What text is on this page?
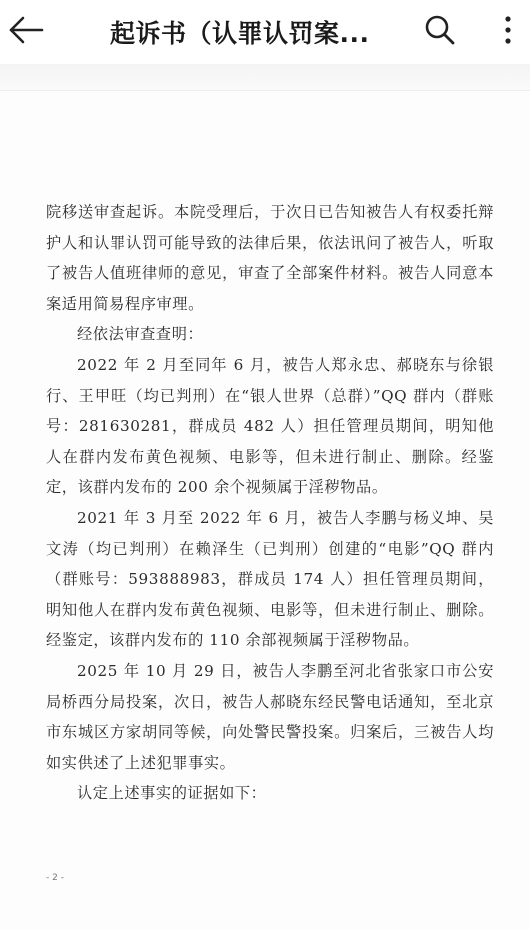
起诉书（认罪认罚案...

院移送审查起诉。本院受理后，于次日已告知被告人有权委托辩护人和认罪认罚可能导致的法律后果，依法讯问了被告人，听取了被告人值班律师的意见，审查了全部案件材料。被告人同意本案适用简易程序审理。

经依法审查查明：

2022 年 2 月至同年 6 月，被告人郑永忠、郝晓东与徐银行、王甲旺（均已判刑）在“银人世界（总群）”QQ 群内（群账号：281630281，群成员 482 人）担任管理员期间，明知他人在群内发布黄色视频、电影等，但未进行制止、删除。经鉴定，该群内发布的 200 余个视频属于淫秽物品。

2021 年 3 月至 2022 年 6 月，被告人李鹏与杨义坤、吴文涛（均已判刑）在赖泽生（已判刑）创建的“电影”QQ 群内（群账号：593888983，群成员 174 人）担任管理员期间，明知他人在群内发布黄色视频、电影等，但未进行制止、删除。经鉴定，该群内发布的 110 余部视频属于淫秽物品。

2025 年 10 月 29 日，被告人李鹏至河北省张家口市公安局桥西分局投案，次日，被告人郝晓东经民警电话通知，至北京市东城区方家胡同等候，向处警民警投案。归案后，三被告人均如实供述了上述犯罪事实。

认定上述事实的证据如下：

- 2 -
